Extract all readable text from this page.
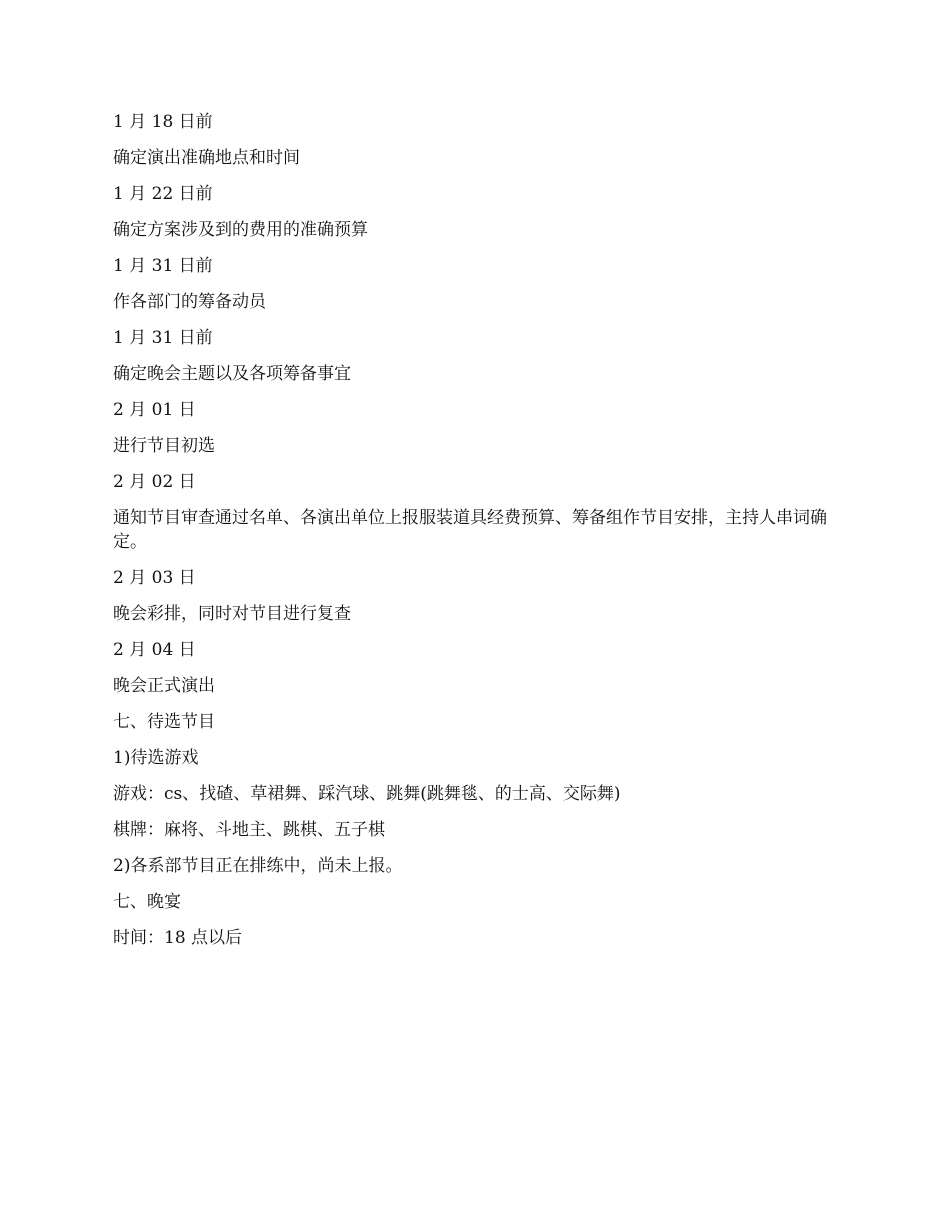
1 月 18 日前

确定演出准确地点和时间

1 月 22 日前

确定方案涉及到的费用的准确预算

1 月 31 日前

作各部门的筹备动员

1 月 31 日前

确定晚会主题以及各项筹备事宜

2 月 01 日

进行节目初选

2 月 02 日

通知节目审查通过名单、各演出单位上报服装道具经费预算、筹备组作节目安排，主持人串词确定。

2 月 03 日

晚会彩排，同时对节目进行复查

2 月 04 日

晚会正式演出

七、待选节目

1)待选游戏

游戏：cs、找碴、草裙舞、踩汽球、跳舞(跳舞毯、的士高、交际舞)

棋牌：麻将、斗地主、跳棋、五子棋

2)各系部节目正在排练中，尚未上报。

七、晚宴

时间：18 点以后
